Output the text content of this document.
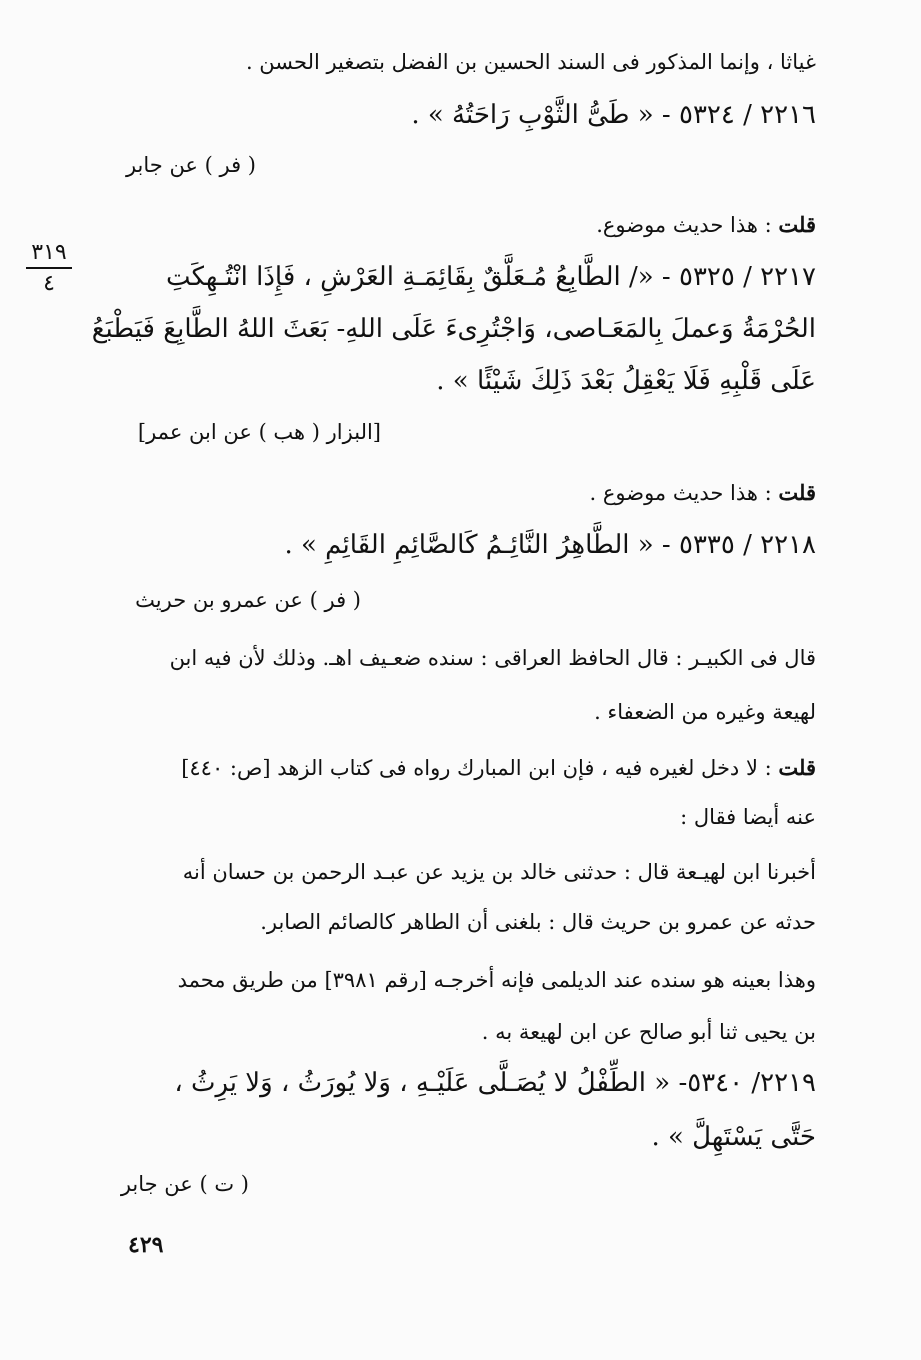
غياثا ، وإنما المذكور فى السند الحسين بن الفضل بتصغير الحسن .
٢٢١٦ / ٥٣٢٤ - « طَىُّ الثَّوْبِ رَاحَتُهُ » .
( فر ) عن جابر
قلت : هذا حديث موضوع.
٣١٩
٤	٢٢١٧ / ٥٣٢٥ - «/ الطَّابِعُ مُـعَلَّقٌ بِقَائِمَـةِ العَرْشِ ، فَإِذَا انْتُـهِكَتِ
الحُرْمَةُ وَعملَ بِالمَعَـاصى، وَاجْتُرِىءَ عَلَى اللهِ- بَعَثَ اللهُ الطَّابِعَ فَيَطْبَعُ
عَلَى قَلْبِهِ فَلَا يَعْقِلُ بَعْدَ ذَلِكَ شَيْئًا » .
[البزار ( هب ) عن ابن عمر]
قلت : هذا حديث موضوع .
٢٢١٨ / ٥٣٣٥ - « الطَّاهِرُ النَّائِـمُ كَالصَّائِمِ القَائِمِ » .
( فر ) عن عمرو بن حريث
قال فى الكبيـر : قال الحافظ العراقى : سنده ضعـيف اهـ. وذلك لأن فيه ابن
لهيعة وغيره من الضعفاء .
قلت : لا دخل لغيره فيه ، فإن ابن المبارك رواه فى كتاب الزهد [ص: ٤٤٠]
عنه أيضا فقال :
أخبرنا ابن لهيـعة قال : حدثنى خالد بن يزيد عن عبـد الرحمن بن حسان أنه
حدثه عن عمرو بن حريث قال : بلغنى أن الطاهر كالصائم الصابر.
وهذا بعينه هو سنده عند الديلمى فإنه أخرجـه [رقم ٣٩٨١] من طريق محمد
بن يحيى ثنا أبو صالح عن ابن لهيعة به .
٢٢١٩/ ٥٣٤٠- « الطِّفْلُ لا يُصَـلَّى عَلَيْـهِ ، وَلا يُورَثُ ، وَلا يَرِثُ ،
حَتَّى يَسْتَهِلَّ » .
( ت ) عن جابر
٤٢٩
